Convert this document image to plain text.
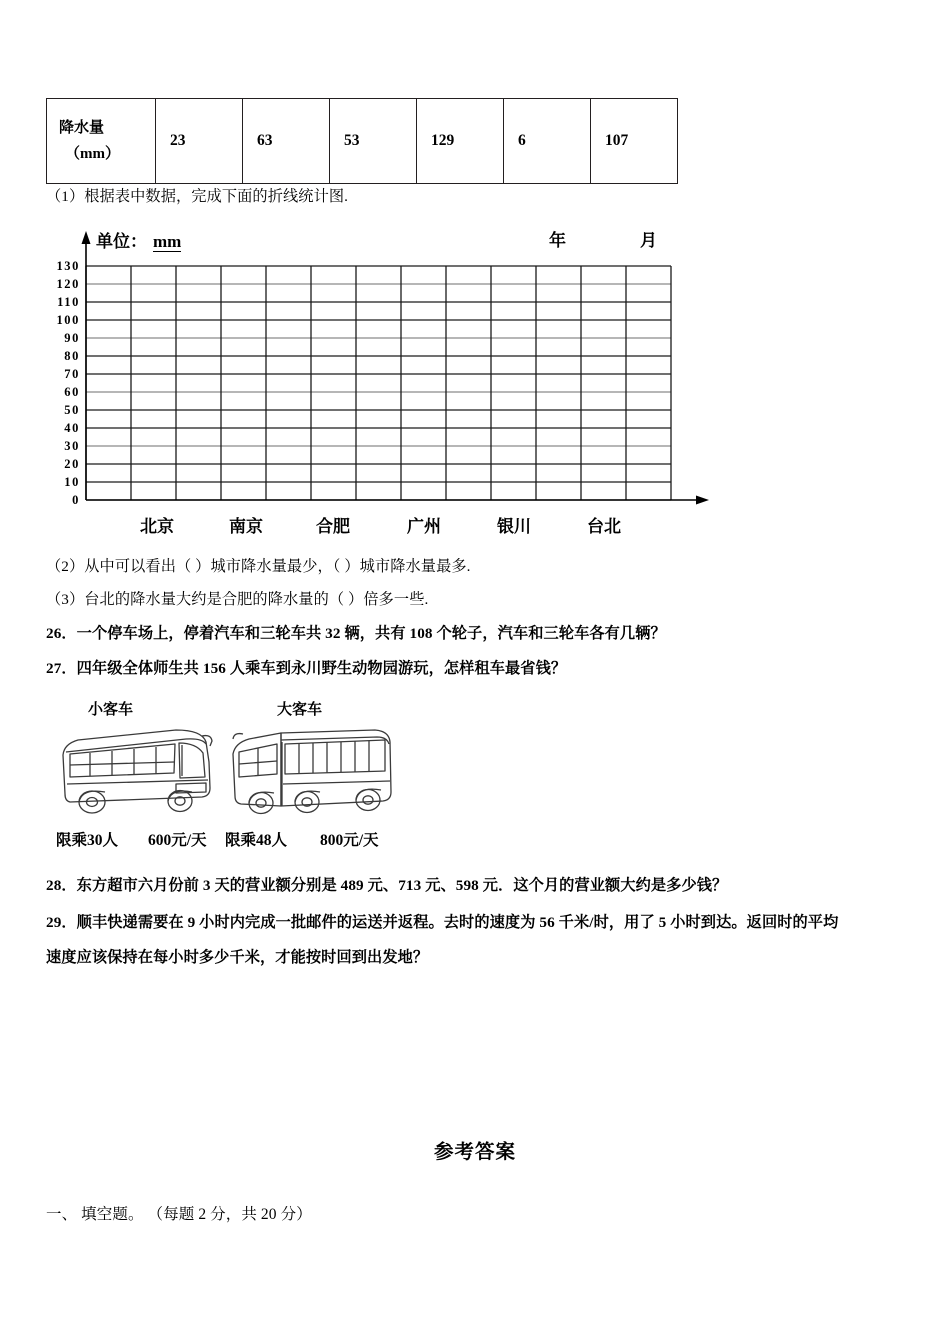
降水量
（mm）
	23	63	53	129	6	107
（1）根据表中数据，完成下面的折线统计图.
单位： mm	年	月
130
120
110
100
90
80
70
60
50
40
30
20
10
0
北京	南京	合肥	广州	银川	台北
（2）从中可以看出（ ）城市降水量最少，（ ）城市降水量最多.
（3）台北的降水量大约是合肥的降水量的（ ）倍多一些.
26．一个停车场上，停着汽车和三轮车共 32 辆，共有 108 个轮子，汽车和三轮车各有几辆？
27．四年级全体师生共 156 人乘车到永川野生动物园游玩，怎样租车最省钱？
小客车	大客车
限乘30人 600元/天 限乘48人 800元/天
28．东方超市六月份前 3 天的营业额分别是 489 元、713 元、598 元．这个月的营业额大约是多少钱？
29．顺丰快递需要在 9 小时内完成一批邮件的运送并返程。去时的速度为 56 千米/时，用了 5 小时到达。返回时的平均
速度应该保持在每小时多少千米，才能按时回到出发地？
参考答案
一、 填空题。 （每题 2 分，共 20 分）
